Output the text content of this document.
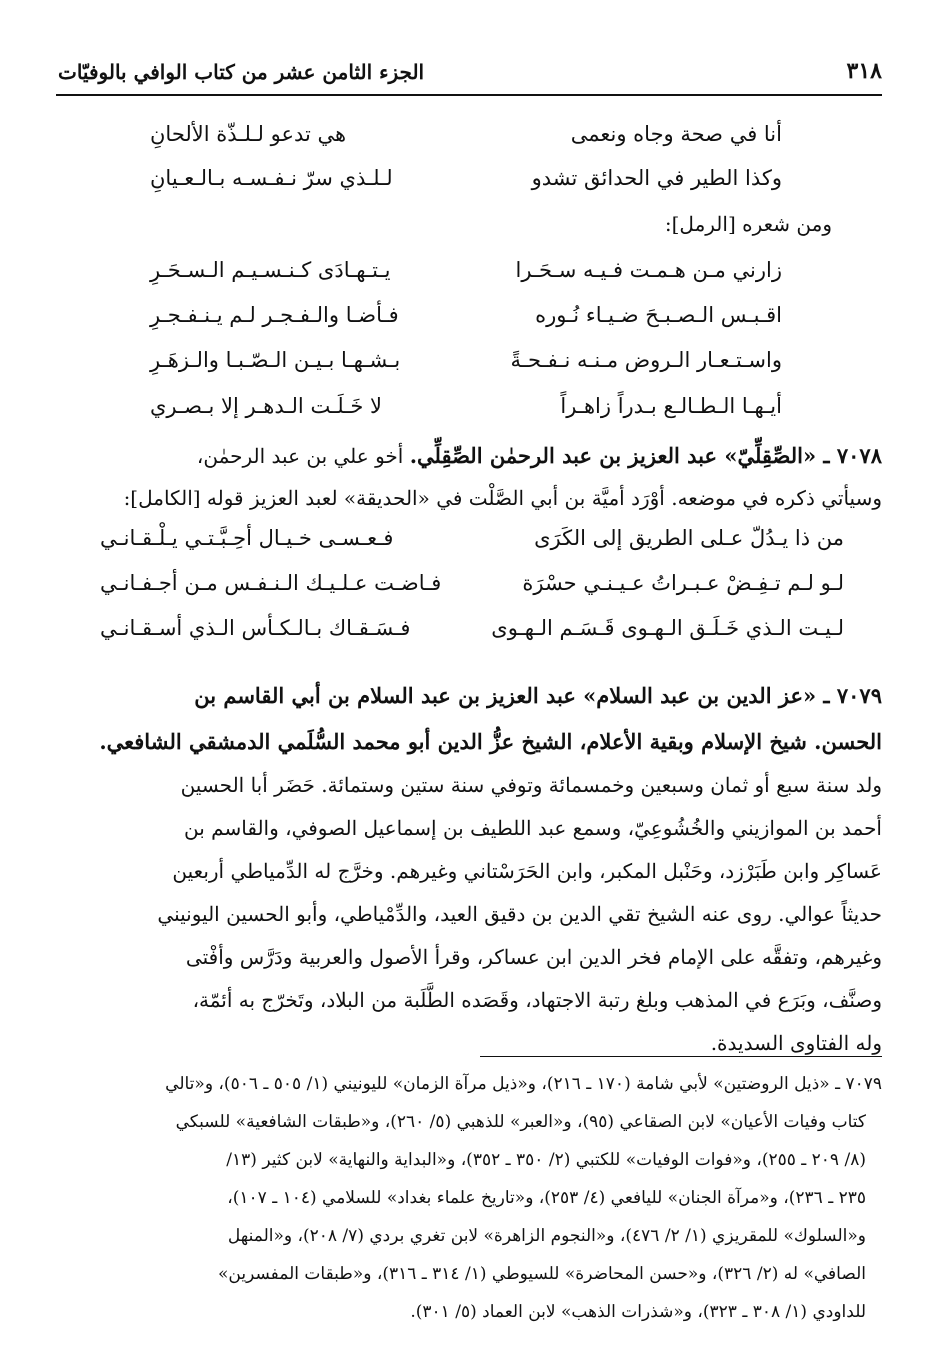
٣١٨
الجزء الثامن عشر من كتاب الوافي بالوفيّات
أنا في صحة وجاه ونعمى
هي تدعو لـلـذّة الألحانِ
وكذا الطير في الحدائق تشدو
لـلـذي سرّ نـفـسـه بـالـعـيانِ
ومن شعره [الرمل]:
زارني مـن هـمـت فـيـه سـحَـرا
يـتـهـادَى كـنـسـيـم الـسـحَـرِ
اقـبـس الـصـبـحَ ضـيـاء نُـوره
فـأضـا والـفـجـر لـم يـنـفـجـرِ
واسـتـعـار الـروض مـنـه نـفـحـةً
بـشـهـا بـيـن الـصّـبـا والـزهَـرِ
أيـهـا الـطـالـع بـدراً زاهـراً
لا خَـلَـت الـدهـر إلا بـصـري
٧٠٧٨ ـ «الصِّقِلِّيّ» عبد العزيز بن عبد الرحمٰن الصِّقِلِّي. أخو علي بن عبد الرحمٰن،
وسيأتي ذكره في موضعه. أوْرَد أميَّة بن أبي الصَّلْت في «الحديقة» لعبد العزيز قوله [الكامل]:
من ذا يـدُلّ عـلى الطريق إلى الكَرَى
فـعـسـى خـيـال أحِـبَّـتـي يـلْـقـانـي
لـو لـم تـفِـضْ عـبـراتُ عـيـنـي حسْرَة
فـاضـت عـلـيـك الـنـفـس مـن أجـفـانـي
لـيـت الـذي خَـلَـق الـهـوى قَـسَـم الـهـوى
فـسَـقـاك بـالـكـأس الـذي أسـقـانـي
٧٠٧٩ ـ «عز الدين بن عبد السلام» عبد العزيز بن عبد السلام بن أبي القاسم بن
الحسن. شيخ الإسلام وبقية الأعلام، الشيخ عزُّ الدين أبو محمد السُّلَمي الدمشقي الشافعي.
ولد سنة سبع أو ثمان وسبعين وخمسمائة وتوفي سنة ستين وستمائة. حَضَر أبا الحسين
أحمد بن الموازيني والخُشُوعِيّ، وسمع عبد اللطيف بن إسماعيل الصوفي، والقاسم بن
عَساكِر وابن طَبَرْزد، وحَنْبل المكبر، وابن الحَرَسْتاني وغيرهم. وخرَّج له الدِّمياطي أربعين
حديثاً عوالي. روى عنه الشيخ تقي الدين بن دقيق العيد، والدِّمْياطي، وأبو الحسين اليونيني
وغيرهم، وتفقَّه على الإمام فخر الدين ابن عساكر، وقرأ الأصول والعربية ودَرَّس وأفْتى
وصنَّف، وبَرَع في المذهب وبلغ رتبة الاجتهاد، وقَصَده الطَّلَبة من البلاد، وتَخرّج به أئمّة،
وله الفتاوى السديدة.
٧٠٧٩ ـ «ذيل الروضتين» لأبي شامة (١٧٠ ـ ٢١٦)، و«ذيل مرآة الزمان» لليونيني (١/ ٥٠٥ ـ ٥٠٦)، و«تالي
كتاب وفيات الأعيان» لابن الصقاعي (٩٥)، و«العبر» للذهبي (٥/ ٢٦٠)، و«طبقات الشافعية» للسبكي
(٨/ ٢٠٩ ـ ٢٥٥)، و«فوات الوفيات» للكتبي (٢/ ٣٥٠ ـ ٣٥٢)، و«البداية والنهاية» لابن كثير (١٣/
٢٣٥ ـ ٢٣٦)، و«مرآة الجنان» لليافعي (٤/ ٢٥٣)، و«تاريخ علماء بغداد» للسلامي (١٠٤ ـ ١٠٧)،
و«السلوك» للمقريزي (١/ ٢/ ٤٧٦)، و«النجوم الزاهرة» لابن تغري بردي (٧/ ٢٠٨)، و«المنهل
الصافي» له (٢/ ٣٢٦)، و«حسن المحاضرة» للسيوطي (١/ ٣١٤ ـ ٣١٦)، و«طبقات المفسرين»
للداودي (١/ ٣٠٨ ـ ٣٢٣)، و«شذرات الذهب» لابن العماد (٥/ ٣٠١).
